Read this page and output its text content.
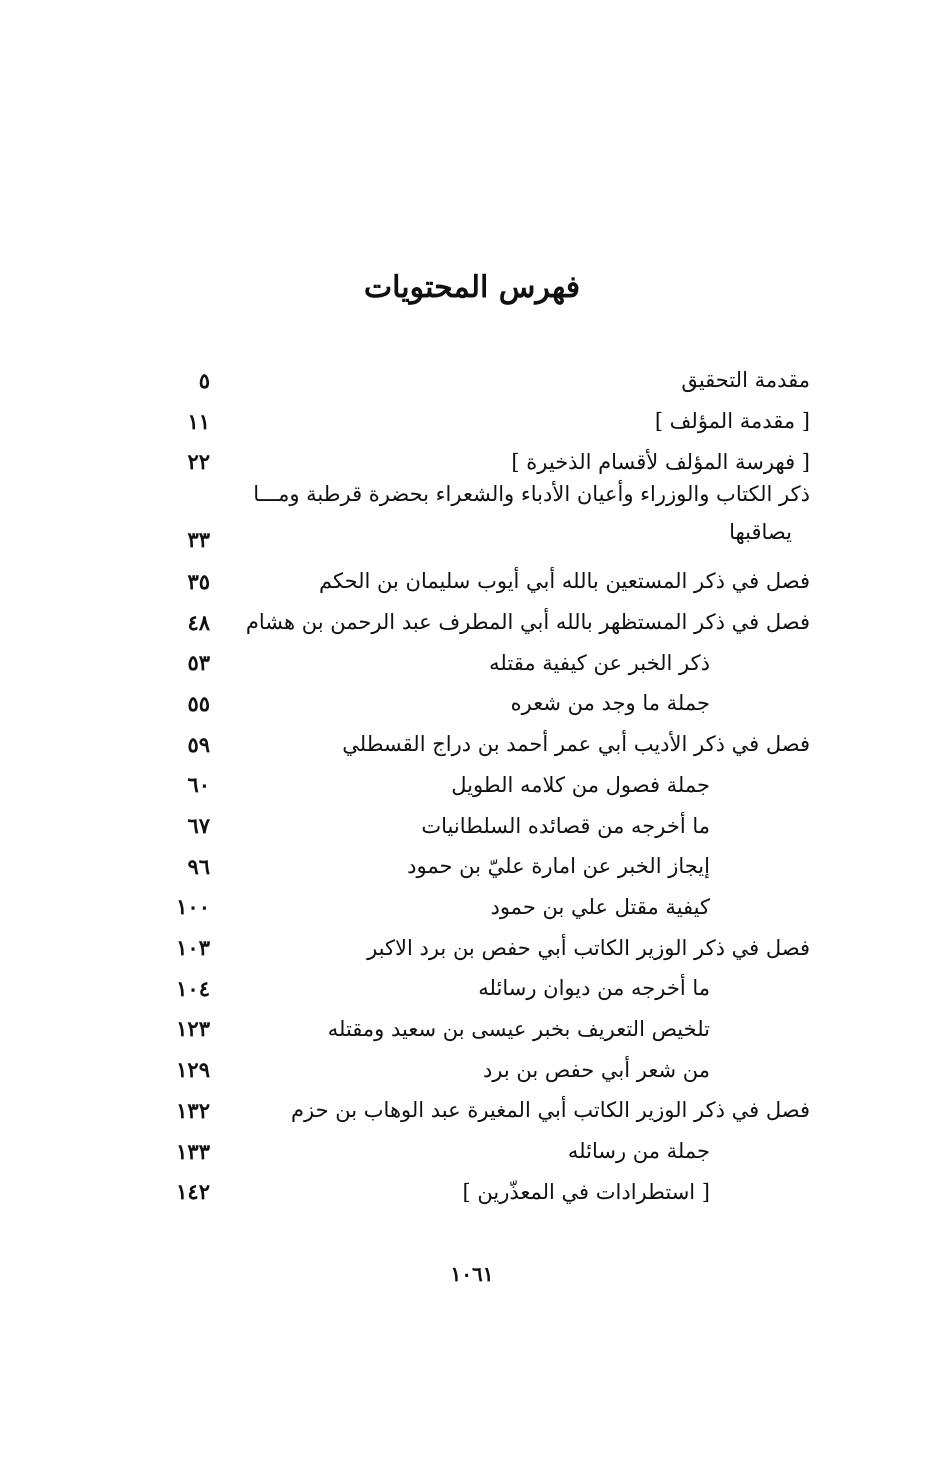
فهرس المحتويات
مقدمة التحقيق
٥
[ مقدمة المؤلف ]
١١
[ فهرسة المؤلف لأقسام الذخيرة ]
٢٢
ذكر الكتاب والوزراء وأعيان الأدباء والشعراء بحضرة قرطبة ومـــا
يصاقبها
٣٣
فصل في ذكر المستعين بالله أبي أيوب سليمان بن الحكم
٣٥
فصل في ذكر المستظهر بالله أبي المطرف عبد الرحمن بن هشام
٤٨
ذكر الخبر عن كيفية مقتله
٥٣
جملة ما وجد من شعره
٥٥
فصل في ذكر الأديب أبي عمر أحمد بن دراج القسطلي
٥٩
جملة فصول من كلامه الطويل
٦٠
ما أخرجه من قصائده السلطانيات
٦٧
إيجاز الخبر عن امارة عليّ بن حمود
٩٦
كيفية مقتل علي بن حمود
١٠٠
فصل في ذكر الوزير الكاتب أبي حفص بن برد الاكبر
١٠٣
ما أخرجه من ديوان رسائله
١٠٤
تلخيص التعريف بخبر عيسى بن سعيد ومقتله
١٢٣
من شعر أبي حفص بن برد
١٢٩
فصل في ذكر الوزير الكاتب أبي المغيرة عبد الوهاب بن حزم
١٣٢
جملة من رسائله
١٣٣
[ استطرادات في المعذّرين ]
١٤٢
١٠٦١
